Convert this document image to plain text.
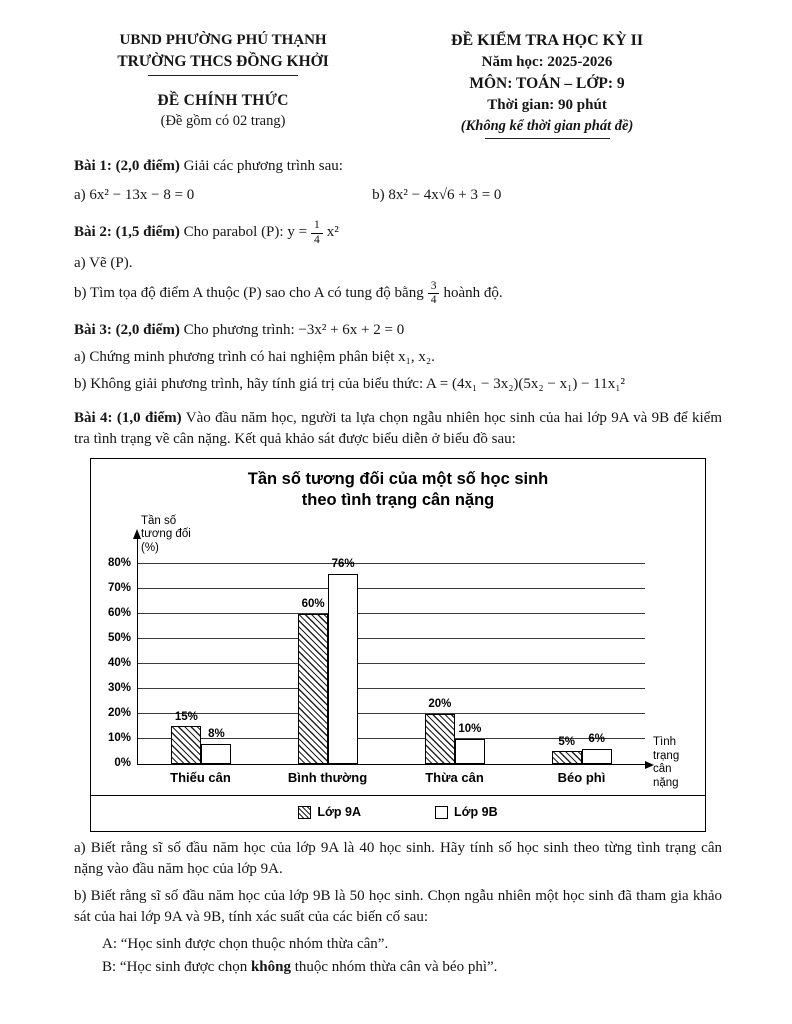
UBND PHƯỜNG PHÚ THẠNH
TRƯỜNG THCS ĐỒNG KHỞI
ĐỀ CHÍNH THỨC
(Đề gồm có 02 trang)
ĐỀ KIỂM TRA HỌC KỲ II
Năm học: 2025-2026
MÔN: TOÁN – LỚP: 9
Thời gian: 90 phút
(Không kể thời gian phát đề)

Bài 1: (2,0 điểm) Giải các phương trình sau:

a) 6x² − 13x − 8 = 0	b) 8x² − 4x√6 + 3 = 0

Bài 2: (1,5 điểm) Cho parabol (P): $y = \frac{1}{4} x^2$

a) Vẽ (P).

b) Tìm tọa độ điểm A thuộc (P) sao cho A có tung độ bằng $\frac{3}{4}$ hoành độ.

Bài 3: (2,0 điểm) Cho phương trình: −3x² + 6x + 2 = 0

a) Chứng minh phương trình có hai nghiệm phân biệt x₁, x₂.

b) Không giải phương trình, hãy tính giá trị của biểu thức: A = (4x₁ − 3x₂)(5x₂ − x₁) − 11x₁²

Bài 4: (1,0 điểm) Vào đầu năm học, người ta lựa chọn ngẫu nhiên học sinh của hai lớp 9A và 9B để kiểm tra tình trạng về cân nặng. Kết quả khảo sát được biểu diễn ở biểu đồ sau:

Tần số tương đối của một số học sinh
theo tình trạng cân nặng
Tần số
tương đối
(%)
0%
10%
20%
30%
40%
50%
60%
70%
80%
15%
8%
60%
76%
20%
10%
5% 6%	Tình
trạng
cân
nặng
Thiếu cân	Bình thường	Thừa cân	Béo phì
Lớp 9A	Lớp 9B

a) Biết rằng sĩ số đầu năm học của lớp 9A là 40 học sinh. Hãy tính số học sinh theo từng tình trạng cân nặng vào đầu năm học của lớp 9A.

b) Biết rằng sĩ số đầu năm học của lớp 9B là 50 học sinh. Chọn ngẫu nhiên một học sinh đã tham gia khảo sát của hai lớp 9A và 9B, tính xác suất của các biến cố sau:

A: “Học sinh được chọn thuộc nhóm thừa cân”.

B: “Học sinh được chọn không thuộc nhóm thừa cân và béo phì”.
